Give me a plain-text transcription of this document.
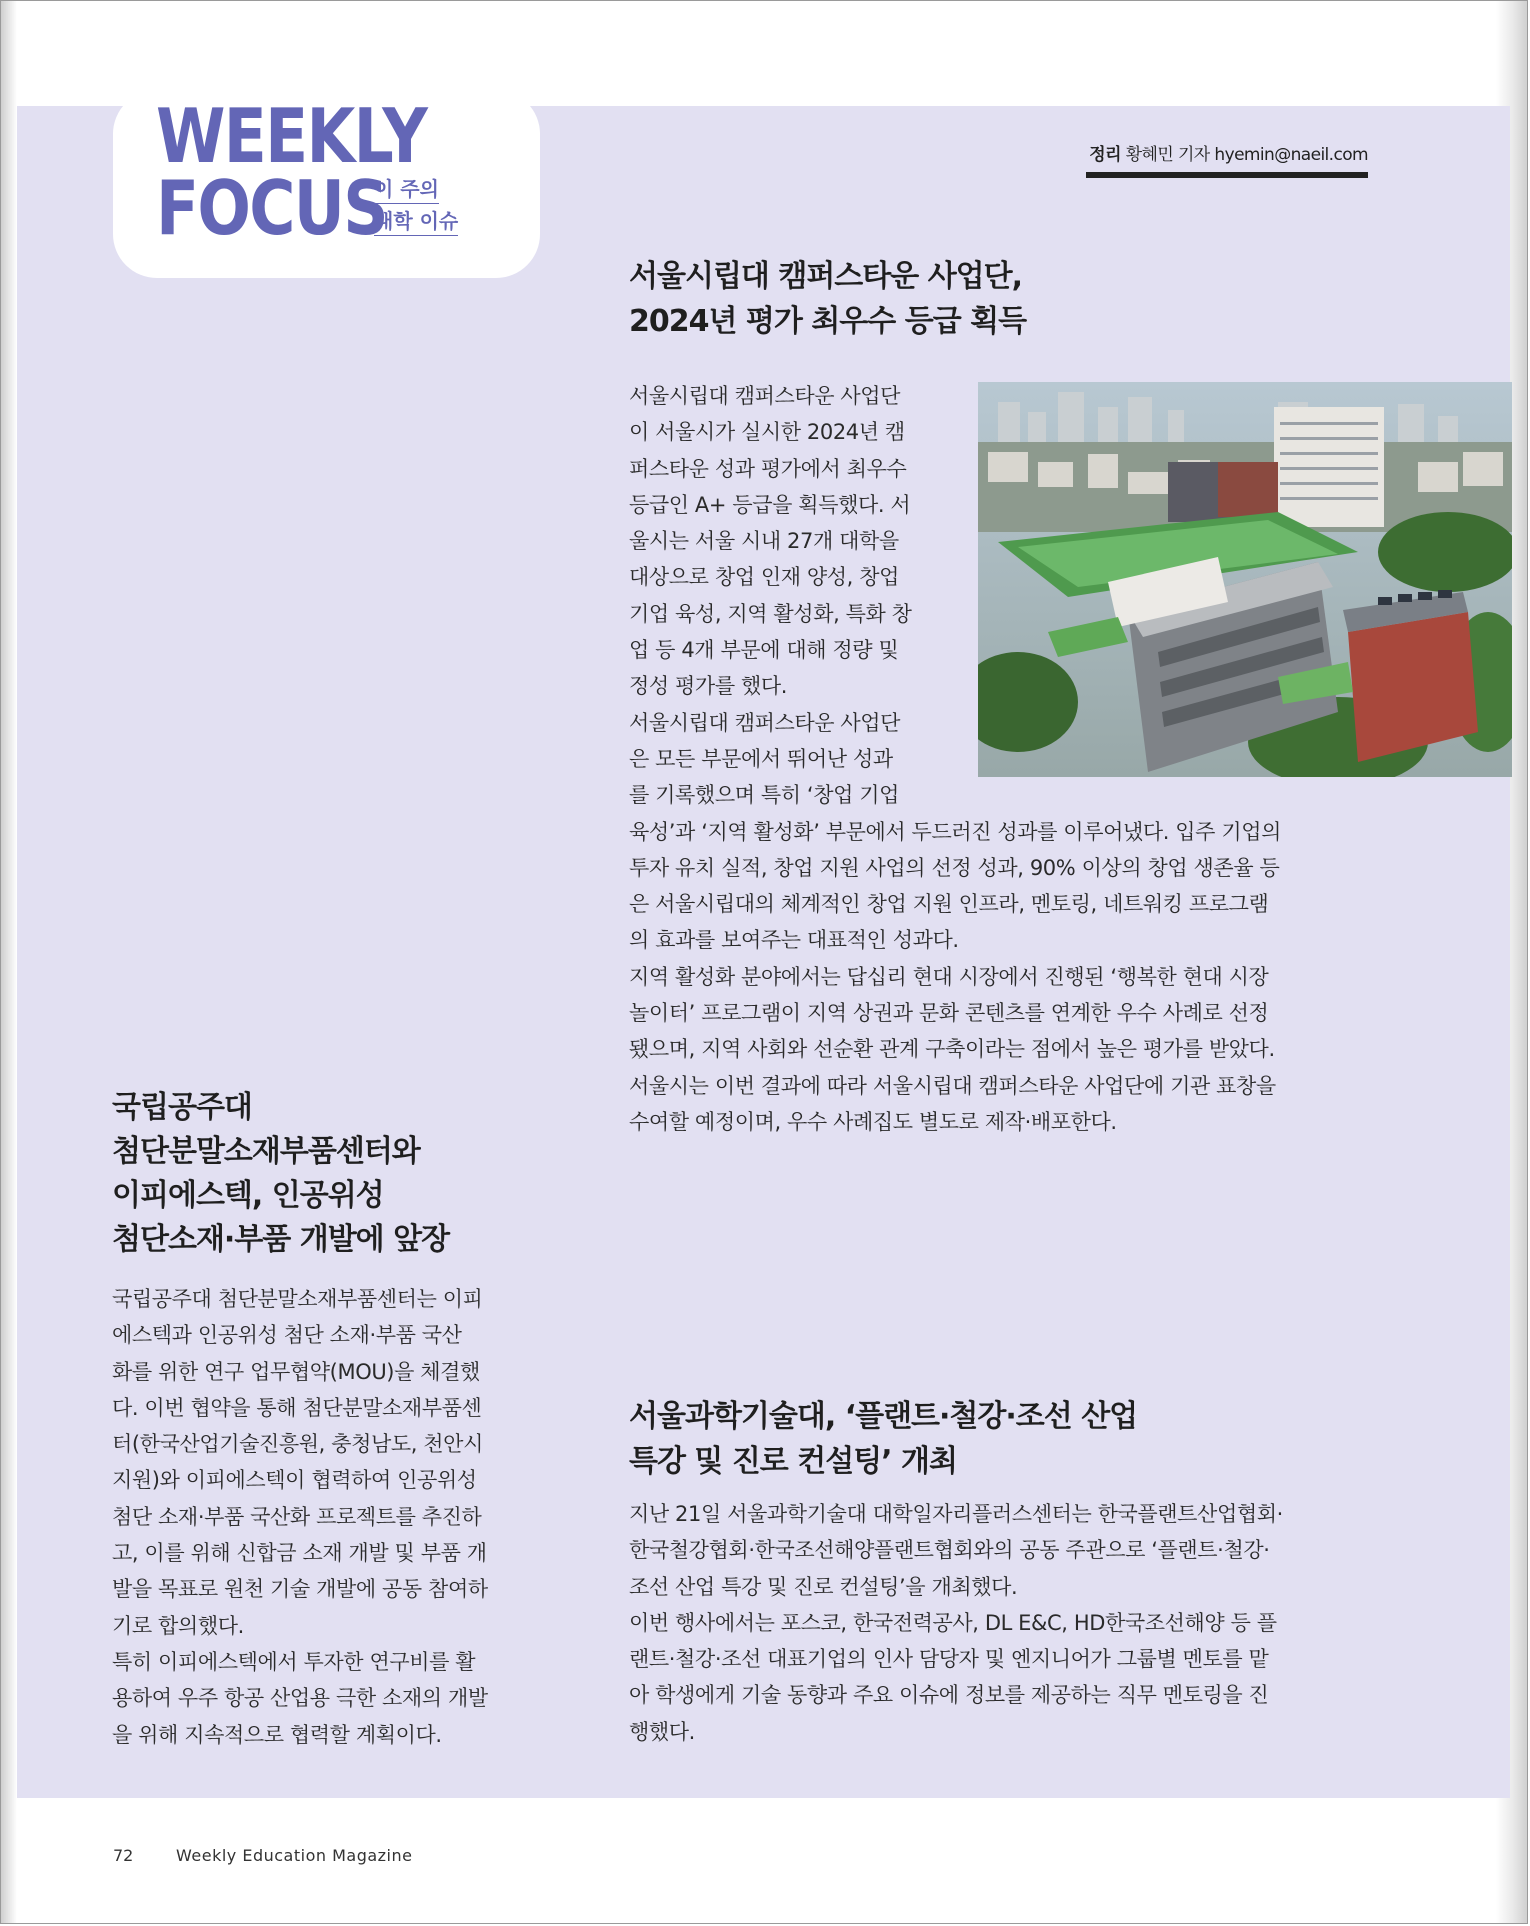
WEEKLY
FOCUS
이 주의
대학 이슈
정리 황혜민 기자 hyemin@naeil.com
서울시립대 캠퍼스타운 사업단,
2024년 평가 최우수 등급 획득
서울시립대 캠퍼스타운 사업단
이 서울시가 실시한 2024년 캠
퍼스타운 성과 평가에서 최우수
등급인 A+ 등급을 획득했다. 서
울시는 서울 시내 27개 대학을
대상으로 창업 인재 양성, 창업
기업 육성, 지역 활성화, 특화 창
업 등 4개 부문에 대해 정량 및
정성 평가를 했다.
서울시립대 캠퍼스타운 사업단
은 모든 부문에서 뛰어난 성과
를 기록했으며 특히 ‘창업 기업
육성’과 ‘지역 활성화’ 부문에서 두드러진 성과를 이루어냈다. 입주 기업의
투자 유치 실적, 창업 지원 사업의 선정 성과, 90% 이상의 창업 생존율 등
은 서울시립대의 체계적인 창업 지원 인프라, 멘토링, 네트워킹 프로그램
의 효과를 보여주는 대표적인 성과다.
지역 활성화 분야에서는 답십리 현대 시장에서 진행된 ‘행복한 현대 시장
놀이터’ 프로그램이 지역 상권과 문화 콘텐츠를 연계한 우수 사례로 선정
됐으며, 지역 사회와 선순환 관계 구축이라는 점에서 높은 평가를 받았다.
서울시는 이번 결과에 따라 서울시립대 캠퍼스타운 사업단에 기관 표창을
수여할 예정이며, 우수 사례집도 별도로 제작·배포한다.
국립공주대
첨단분말소재부품센터와
이피에스텍, 인공위성
첨단소재·부품 개발에 앞장
국립공주대 첨단분말소재부품센터는 이피
에스텍과 인공위성 첨단 소재·부품 국산
화를 위한 연구 업무협약(MOU)을 체결했
다. 이번 협약을 통해 첨단분말소재부품센
터(한국산업기술진흥원, 충청남도, 천안시
지원)와 이피에스텍이 협력하여 인공위성
첨단 소재·부품 국산화 프로젝트를 추진하
고, 이를 위해 신합금 소재 개발 및 부품 개
발을 목표로 원천 기술 개발에 공동 참여하
기로 합의했다.
특히 이피에스텍에서 투자한 연구비를 활
용하여 우주 항공 산업용 극한 소재의 개발
을 위해 지속적으로 협력할 계획이다.
서울과학기술대, ‘플랜트·철강·조선 산업
특강 및 진로 컨설팅’ 개최
지난 21일 서울과학기술대 대학일자리플러스센터는 한국플랜트산업협회·
한국철강협회·한국조선해양플랜트협회와의 공동 주관으로 ‘플랜트·철강·
조선 산업 특강 및 진로 컨설팅’을 개최했다.
이번 행사에서는 포스코, 한국전력공사, DL E&C, HD한국조선해양 등 플
랜트·철강·조선 대표기업의 인사 담당자 및 엔지니어가 그룹별 멘토를 맡
아 학생에게 기술 동향과 주요 이슈에 정보를 제공하는 직무 멘토링을 진
행했다.
72	Weekly Education Magazine
